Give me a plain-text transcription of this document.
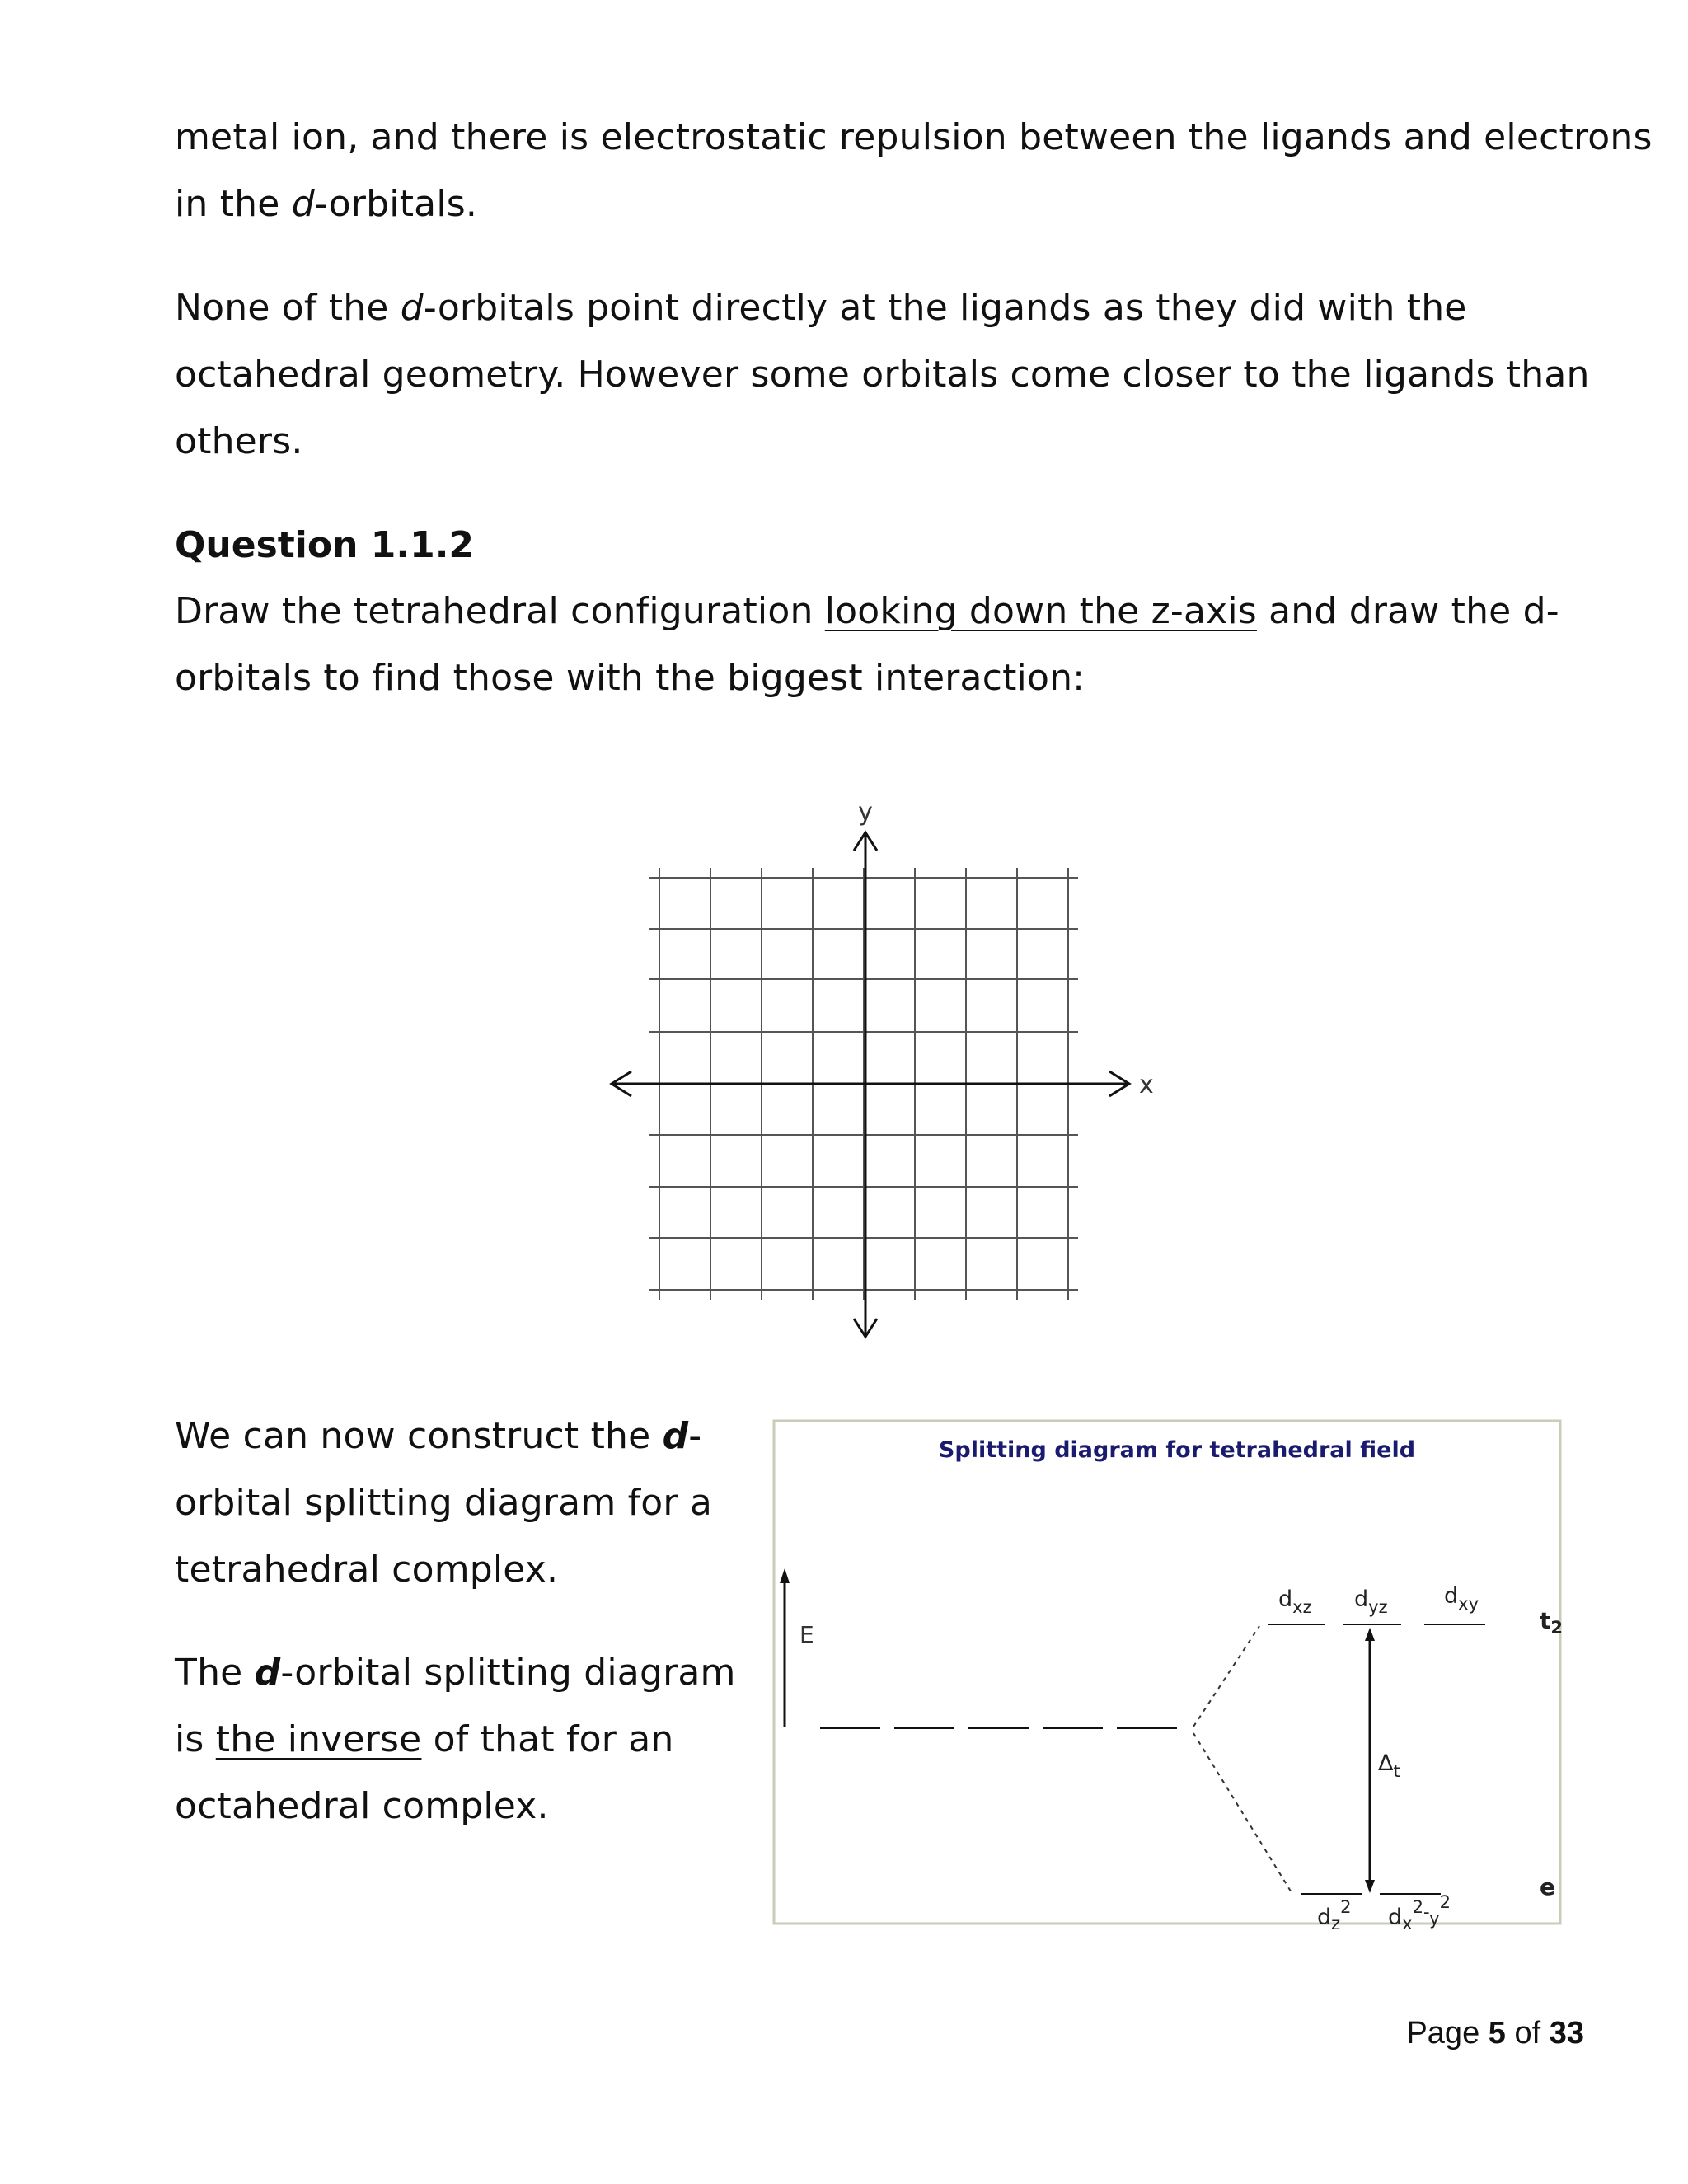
metal ion, and there is electrostatic repulsion between the ligands and electrons
in the d-orbitals.

None of the d-orbitals point directly at the ligands as they did with the
octahedral geometry. However some orbitals come closer to the ligands than
others.

Question 1.1.2

Draw the tetrahedral configuration looking down the z-axis and draw the d-
orbitals to find those with the biggest interaction:

y
x

We can now construct the d-
orbital splitting diagram for a
tetrahedral complex.

The d-orbital splitting diagram
is the inverse of that for an
octahedral complex.

Splitting diagram for tetrahedral field
E
$d_{xz}$ $d_{yz}$	$d_{xy}$
$t_2$
$\Delta_t$
$d_z^2$ $d_x^2_{-y}^2$
e

Page 5 of 33
